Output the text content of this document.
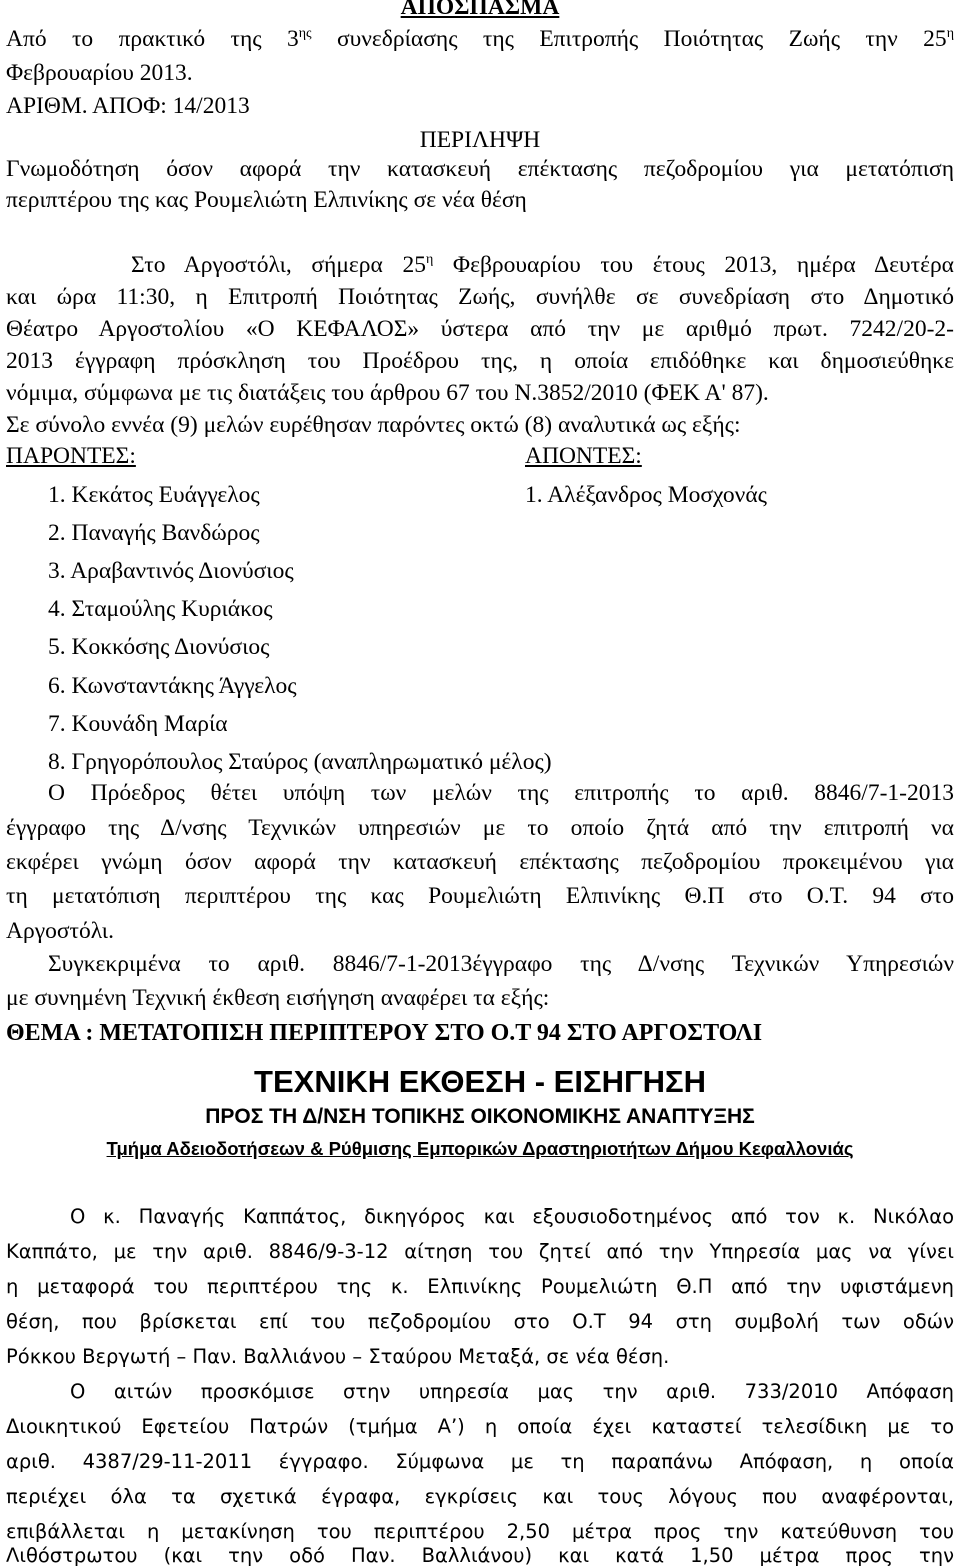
ΑΠΟΣΠΑΣΜΑ
Από το πρακτικό της $3^{\eta\varsigma}$ συνεδρίασης της Επιτροπής Ποιότητας Ζωής την $25^\eta$
Φεβρουαρίου 2013.
ΑΡΙΘΜ. ΑΠΟΦ: 14/2013
ΠΕΡΙΛΗΨΗ
Γνωμοδότηση όσον αφορά την κατασκευή επέκτασης πεζοδρομίου για μετατόπιση
περιπτέρου της κας Ρουμελιώτη Ελπινίκης σε νέα θέση
Στο Αργοστόλι, σήμερα $25^\eta$ Φεβρουαρίου του έτους 2013, ημέρα Δευτέρα
και ώρα 11:30, η Επιτροπή Ποιότητας Ζωής, συνήλθε σε συνεδρίαση στο Δημοτικό
Θέατρο Αργοστολίου «Ο ΚΕΦΑΛΟΣ» ύστερα από την με αριθμό πρωτ. 7242/20-2-
2013 έγγραφη πρόσκληση του Προέδρου της, η οποία επιδόθηκε και δημοσιεύθηκε
νόμιμα, σύμφωνα με τις διατάξεις του άρθρου 67 του Ν.3852/2010 (ΦΕΚ Α' 87).
Σε σύνολο εννέα (9) μελών ευρέθησαν παρόντες οκτώ (8) αναλυτικά ως εξής:
ΠΑΡΟΝΤΕΣ:	ΑΠΟΝΤΕΣ:
1. Κεκάτος Ευάγγελος	1. Αλέξανδρος Μοσχονάς
2. Παναγής Βανδώρος
3. Αραβαντινός Διονύσιος
4. Σταμούλης Κυριάκος
5. Κοκκόσης Διονύσιος
6. Κωνσταντάκης Άγγελος
7. Κουνάδη Μαρία
8. Γρηγορόπουλος Σταύρος (αναπληρωματικό μέλος)
Ο Πρόεδρος θέτει υπόψη των μελών της επιτροπής το αριθ. 8846/7-1-2013
έγγραφο της Δ/νσης Τεχνικών υπηρεσιών με το οποίο ζητά από την επιτροπή να
εκφέρει γνώμη όσον αφορά την κατασκευή επέκτασης πεζοδρομίου προκειμένου για
τη μετατόπιση περιπτέρου της κας Ρουμελιώτη Ελπινίκης Θ.Π στο Ο.Τ. 94 στο
Αργοστόλι.
Συγκεκριμένα το αριθ. 8846/7-1-2013έγγραφο της Δ/νσης Τεχνικών Υπηρεσιών
με συνημένη Τεχνική έκθεση εισήγηση αναφέρει τα εξής:
ΘΕΜΑ : ΜΕΤΑΤΟΠΙΣΗ ΠΕΡΙΠΤΕΡΟΥ ΣΤΟ Ο.Τ 94 ΣΤΟ ΑΡΓΟΣΤΟΛΙ
ΤΕΧΝΙΚΗ ΕΚΘΕΣΗ - ΕΙΣΗΓΗΣΗ
ΠΡΟΣ ΤΗ Δ/ΝΣΗ ΤΟΠΙΚΗΣ ΟΙΚΟΝΟΜΙΚΗΣ ΑΝΑΠΤΥΞΗΣ
Τμήμα Αδειοδοτήσεων & Ρύθμισης Εμπορικών Δραστηριοτήτων Δήμου Κεφαλλονιάς
Ο κ. Παναγής Καππάτος, δικηγόρος και εξουσιοδοτημένος από τον κ. Νικόλαο
Καππάτο, με την αριθ. 8846/9-3-12 αίτηση του ζητεί από την Υπηρεσία μας να γίνει
η μεταφορά του περιπτέρου της κ. Ελπινίκης Ρουμελιώτη Θ.Π από την υφιστάμενη
θέση, που βρίσκεται επί του πεζοδρομίου στο Ο.Τ 94 στη συμβολή των οδών
Ρόκκου Βεργωτή – Παν. Βαλλιάνου – Σταύρου Μεταξά, σε νέα θέση.
Ο αιτών προσκόμισε στην υπηρεσία μας την αριθ. 733/2010 Απόφαση
Διοικητικού Εφετείου Πατρών (τμήμα Α’) η οποία έχει καταστεί τελεσίδικη με το
αριθ. 4387/29-11-2011 έγγραφο. Σύμφωνα με τη παραπάνω Απόφαση, η οποία
περιέχει όλα τα σχετικά έγραφα, εγκρίσεις και τους λόγους που αναφέρονται,
επιβάλλεται η μετακίνηση του περιπτέρου 2,50 μέτρα προς την κατεύθυνση του
Λιθόστρωτου (και την οδό Παν. Βαλλιάνου) και κατά 1,50 μέτρα προς την
